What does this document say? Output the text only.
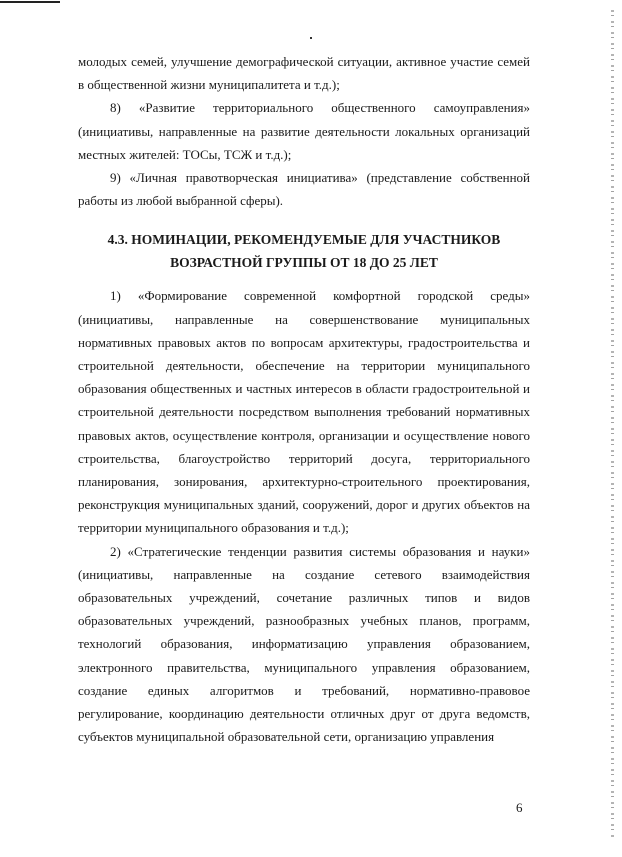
молодых семей, улучшение демографической ситуации, активное участие семей в общественной жизни муниципалитета и т.д.);

8) «Развитие территориального общественного самоуправления» (инициативы, направленные на развитие деятельности локальных организаций местных жителей: ТОСы, ТСЖ и т.д.);

9) «Личная правотворческая инициатива» (представление собственной работы из любой выбранной сферы).

4.3. НОМИНАЦИИ, РЕКОМЕНДУЕМЫЕ ДЛЯ УЧАСТНИКОВ
ВОЗРАСТНОЙ ГРУППЫ ОТ 18 ДО 25 ЛЕТ

1) «Формирование современной комфортной городской среды» (инициативы, направленные на совершенствование муниципальных нормативных правовых актов по вопросам архитектуры, градостроительства и строительной деятельности, обеспечение на территории муниципального образования общественных и частных интересов в области градостроительной и строительной деятельности посредством выполнения требований нормативных правовых актов, осуществление контроля, организации и осуществление нового строительства, благоустройство территорий досуга, территориального планирования, зонирования, архитектурно-строительного проектирования, реконструкция муниципальных зданий, сооружений, дорог и других объектов на территории муниципального образования и т.д.);

2) «Стратегические тенденции развития системы образования и науки» (инициативы, направленные на создание сетевого взаимодействия образовательных учреждений, сочетание различных типов и видов образовательных учреждений, разнообразных учебных планов, программ, технологий образования, информатизацию управления образованием, электронного правительства, муниципального управления образованием, создание единых алгоритмов и требований, нормативно-правовое регулирование, координацию деятельности отличных друг от друга ведомств, субъектов муниципальной образовательной сети, организацию управления

6
